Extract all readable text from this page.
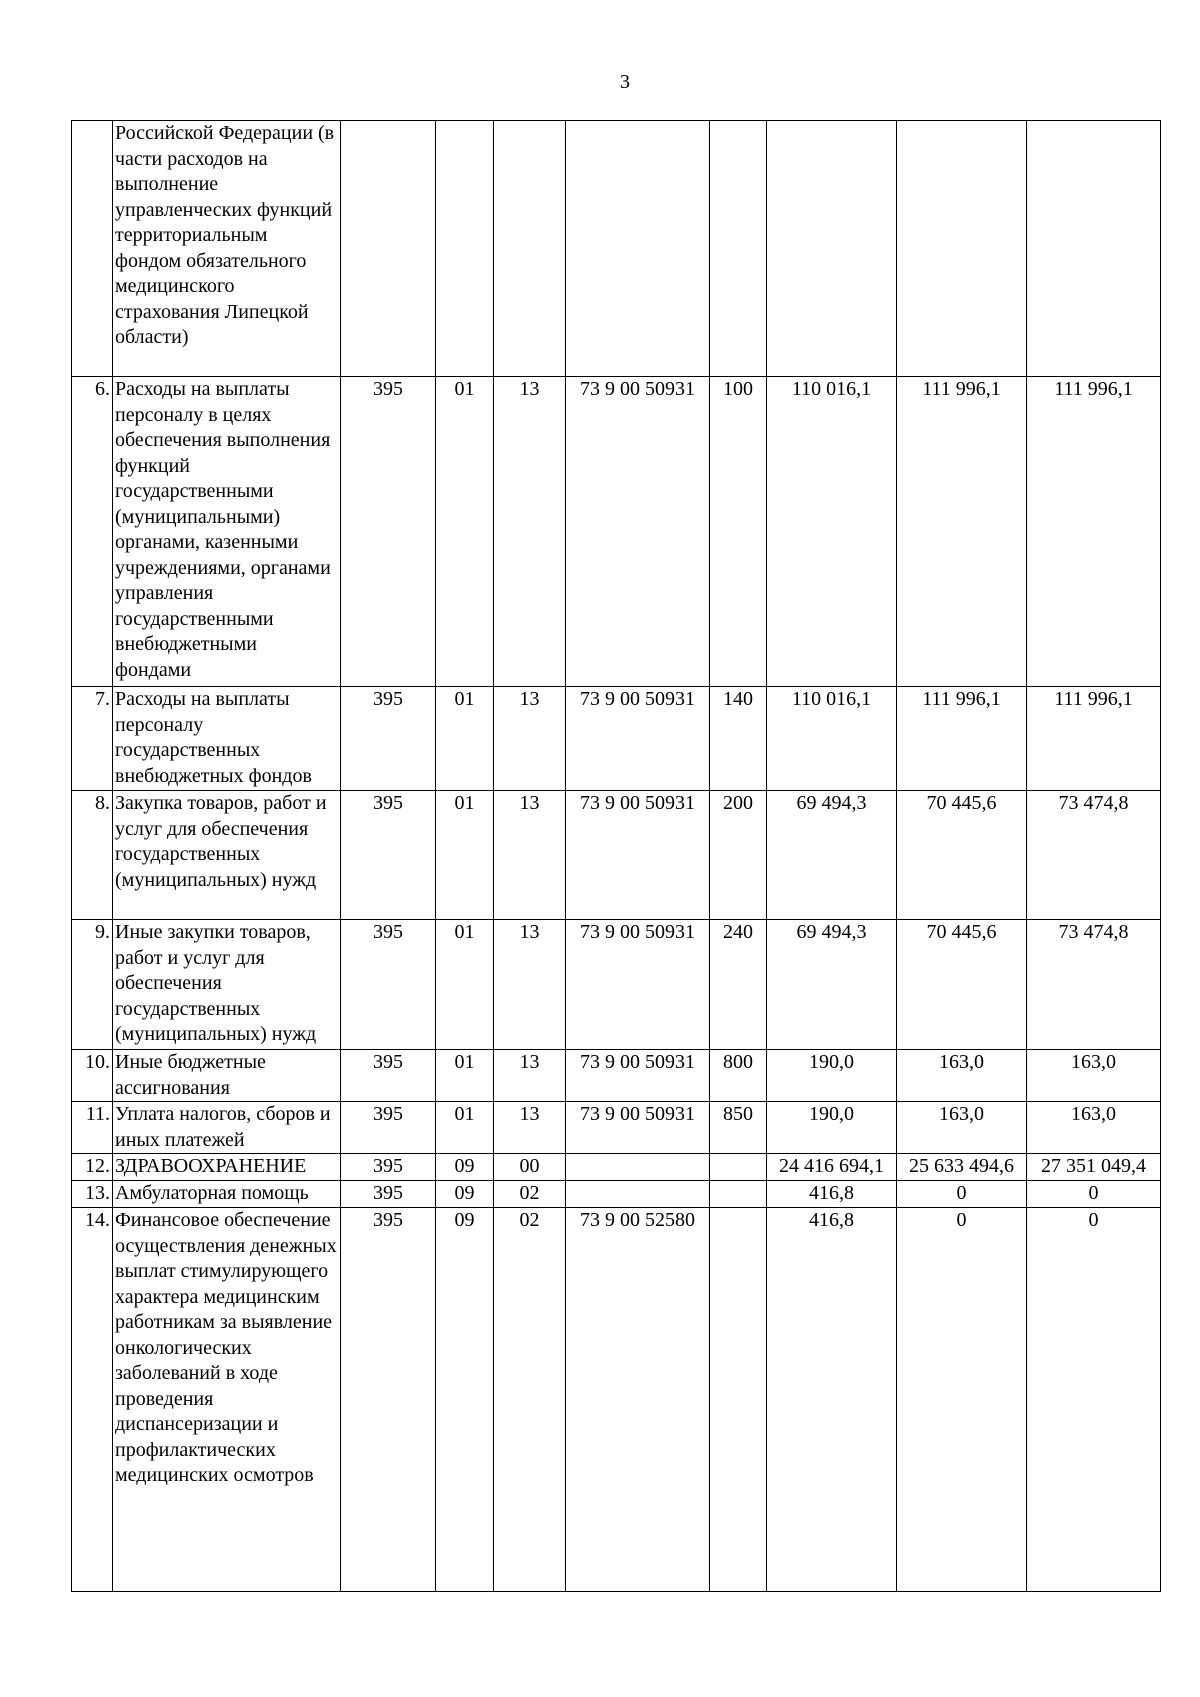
3
	Российской Федерации (в части расходов на выполнение управленческих функций территориальным фондом обязательного медицинского страхования Липецкой области)								
6.	Расходы на выплаты персоналу в целях обеспечения выполнения функций государственными (муниципальными) органами, казенными учреждениями, органами управления государственными внебюджетными фондами	395	01	13	73 9 00 50931	100	110 016,1	111 996,1	111 996,1
7.	Расходы на выплаты персоналу государственных внебюджетных фондов	395	01	13	73 9 00 50931	140	110 016,1	111 996,1	111 996,1
8.	Закупка товаров, работ и услуг для обеспечения государственных (муниципальных) нужд	395	01	13	73 9 00 50931	200	69 494,3	70 445,6	73 474,8
9.	Иные закупки товаров, работ и услуг для обеспечения государственных (муниципальных) нужд	395	01	13	73 9 00 50931	240	69 494,3	70 445,6	73 474,8
10.	Иные бюджетные ассигнования	395	01	13	73 9 00 50931	800	190,0	163,0	163,0
11.	Уплата налогов, сборов и иных платежей	395	01	13	73 9 00 50931	850	190,0	163,0	163,0
12.	ЗДРАВООХРАНЕНИЕ	395	09	00			24 416 694,1	25 633 494,6	27 351 049,4
13.	Амбулаторная помощь	395	09	02			416,8	0	0
14.	Финансовое обеспечение осуществления денежных выплат стимулирующего характера медицинским работникам за выявление онкологических заболеваний в ходе проведения диспансеризации и профилактических медицинских осмотров	395	09	02	73 9 00 52580		416,8	0	0
